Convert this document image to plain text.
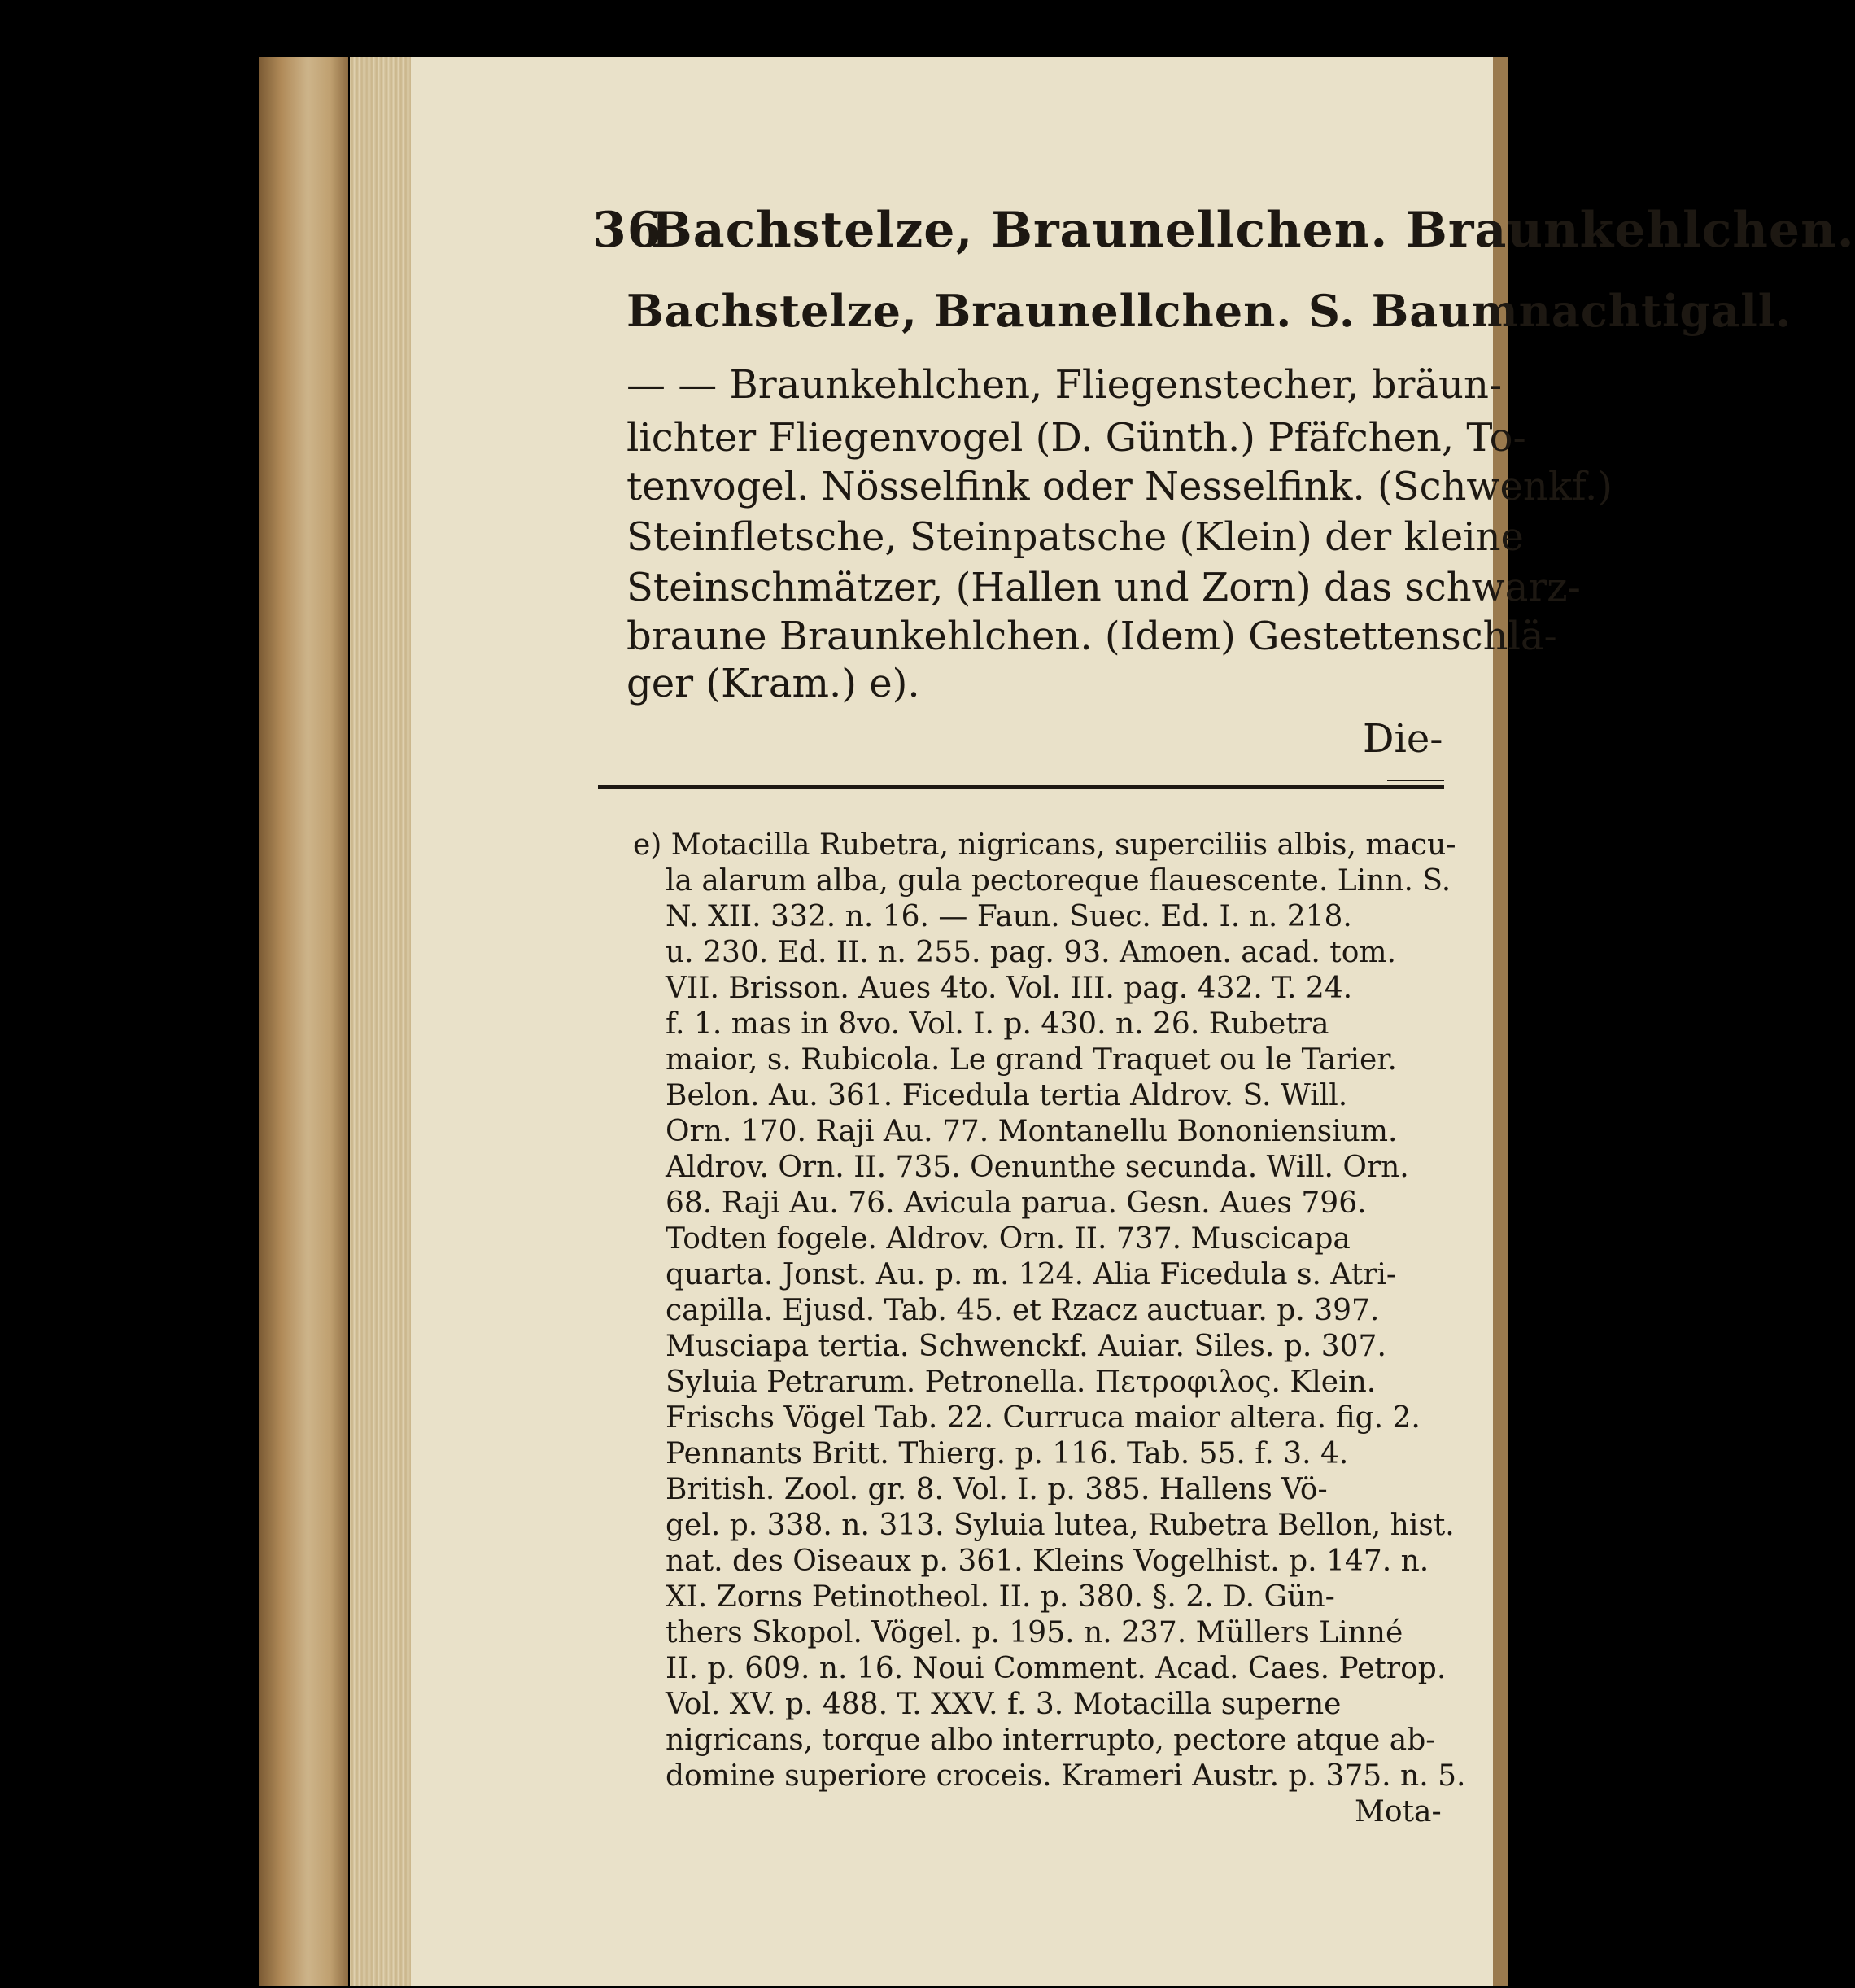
36
Bachstelze, Braunellchen. Braunkehlchen.
Bachstelze, Braunellchen. S. Baumnachtigall.
— — Braunkehlchen, Fliegenstecher, bräun-
lichter Fliegenvogel (D. Günth.) Pfäfchen, To-
tenvogel. Nösselfink oder Nesselfink. (Schwenkf.)
Steinfletsche, Steinpatsche (Klein) der kleine
Steinschmätzer, (Hallen und Zorn) das schwarz-
braune Braunkehlchen. (Idem) Gestettenschlä-
ger (Kram.) e).
Die-
e) Motacilla Rubetra, nigricans, superciliis albis, macu-
la alarum alba, gula pectoreque flauescente. Linn. S.
N. XII. 332. n. 16. — Faun. Suec. Ed. I. n. 218.
u. 230. Ed. II. n. 255. pag. 93. Amoen. acad. tom.
VII. Brisson. Aues 4to. Vol. III. pag. 432. T. 24.
f. 1. mas in 8vo. Vol. I. p. 430. n. 26. Rubetra
maior, s. Rubicola. Le grand Traquet ou le Tarier.
Belon. Au. 361. Ficedula tertia Aldrov. S. Will.
Orn. 170. Raji Au. 77. Montanellu Bononiensium.
Aldrov. Orn. II. 735. Oenunthe secunda. Will. Orn.
68. Raji Au. 76. Avicula parua. Gesn. Aues 796.
Todten fogele. Aldrov. Orn. II. 737. Muscicapa
quarta. Jonst. Au. p. m. 124. Alia Ficedula s. Atri-
capilla. Ejusd. Tab. 45. et Rzacz auctuar. p. 397.
Musciapa tertia. Schwenckf. Auiar. Siles. p. 307.
Syluia Petrarum. Petronella. Πετροφιλος. Klein.
Frischs Vögel Tab. 22. Curruca maior altera. fig. 2.
Pennants Britt. Thierg. p. 116. Tab. 55. f. 3. 4.
British. Zool. gr. 8. Vol. I. p. 385. Hallens Vö-
gel. p. 338. n. 313. Syluia lutea, Rubetra Bellon, hist.
nat. des Oiseaux p. 361. Kleins Vogelhist. p. 147. n.
XI. Zorns Petinotheol. II. p. 380. §. 2. D. Gün-
thers Skopol. Vögel. p. 195. n. 237. Müllers Linné
II. p. 609. n. 16. Noui Comment. Acad. Caes. Petrop.
Vol. XV. p. 488. T. XXV. f. 3. Motacilla superne
nigricans, torque albo interrupto, pectore atque ab-
domine superiore croceis. Krameri Austr. p. 375. n. 5.
Mota-
